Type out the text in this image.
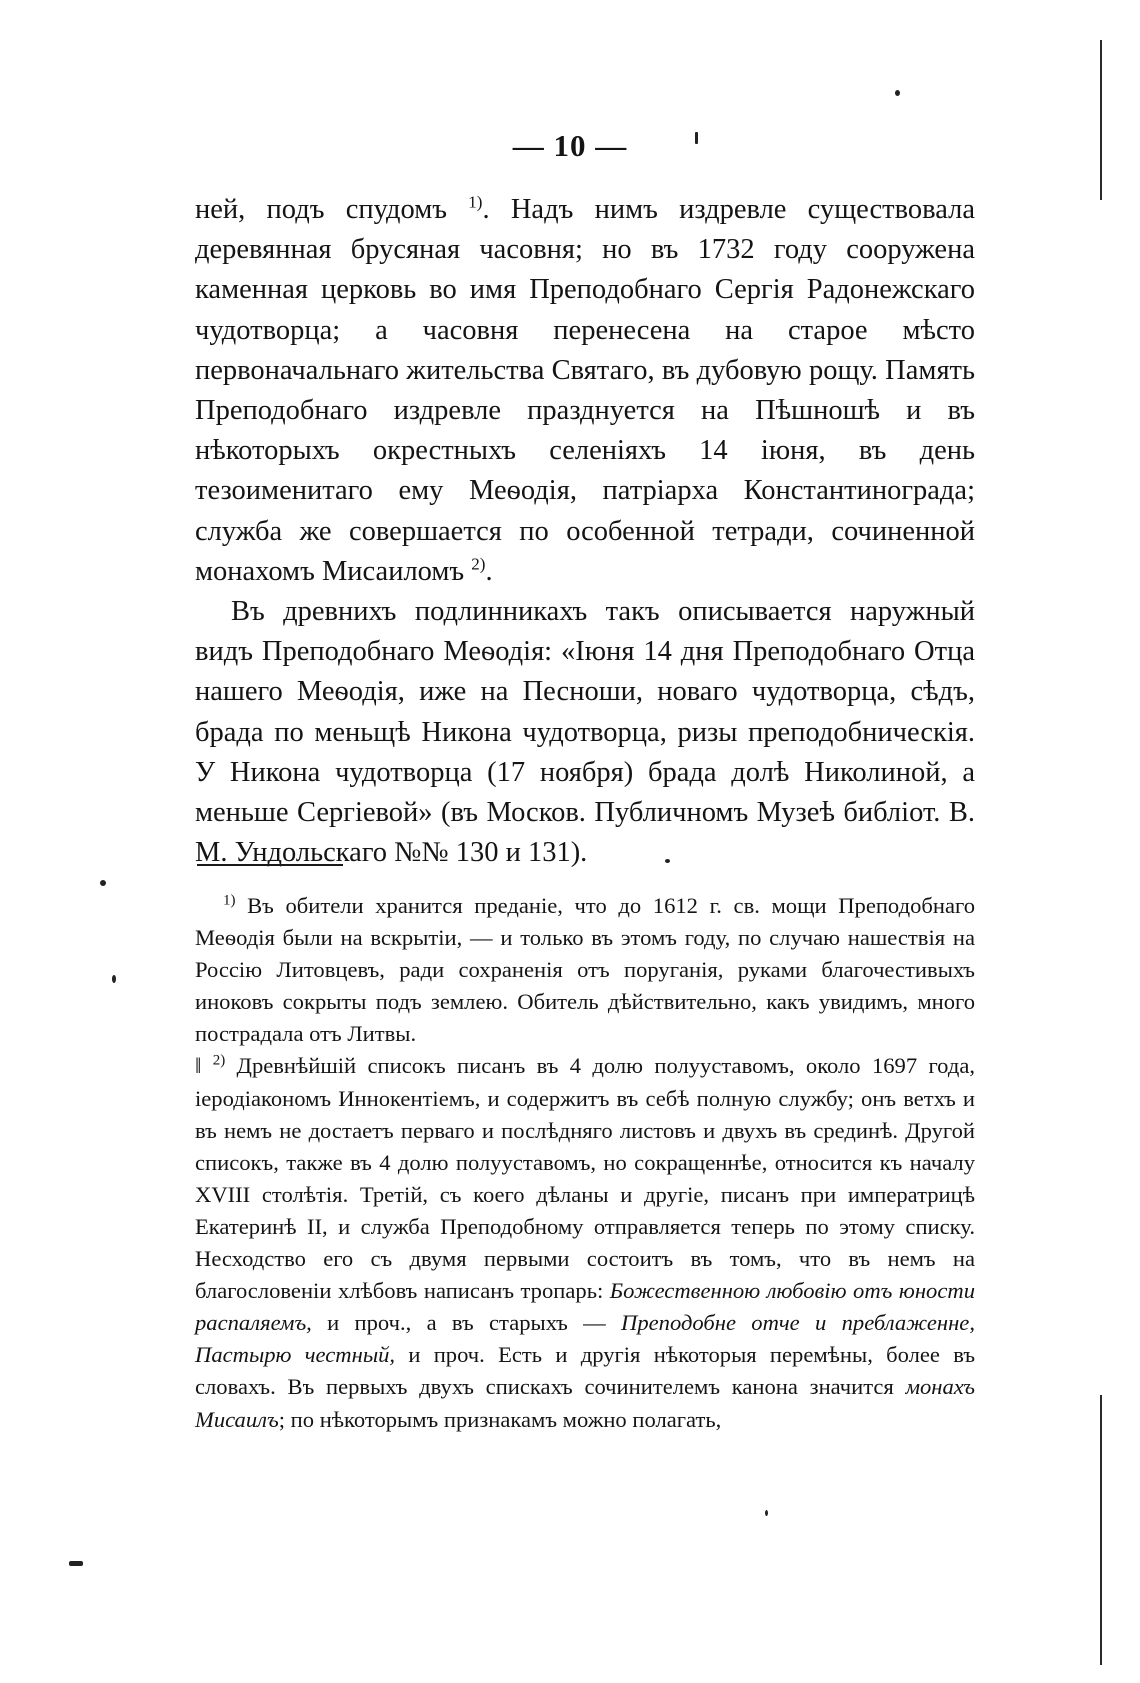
— 10 —

ней, подъ спудомъ $^{1)}$. Надъ нимъ издревле существовала деревянная брусяная часовня; но въ 1732 году сооружена каменная церковь во имя Преподобнаго Сергія Радонежскаго чудотворца; а часовня перенесена на старое мѣсто первоначальнаго жительства Святаго, въ дубовую рощу. Память Преподобнаго издревле празднуется на Пѣшношѣ и въ нѣкоторыхъ окрестныхъ селеніяхъ 14 іюня, въ день тезоименитаго ему Меѳодія, патріарха Константинограда; служба же совершается по особенной тетради, сочиненной монахомъ Мисаиломъ $^{2)}$.

Въ древнихъ подлинникахъ такъ описывается наружный видъ Преподобнаго Меѳодія: «Іюня 14 дня Преподобнаго Отца нашего Меѳодія, иже на Песноши, новаго чудотворца, сѣдъ, брада по меньщѣ Никона чудотворца, ризы преподобническія. У Никона чудотворца (17 ноября) брада долѣ Николиной, а меньше Сергіевой» (въ Москов. Публичномъ Музеѣ библіот. В. М. Ундольскаго №№ 130 и 131).

$^{1)}$ Въ обители хранится преданіе, что до 1612 г. св. мощи Преподобнаго Меѳодія были на вскрытіи, — и только въ этомъ году, по случаю нашествія на Россію Литовцевъ, ради сохраненія отъ поруганія, руками благочестивыхъ иноковъ сокрыты подъ землею. Обитель дѣйствительно, какъ увидимъ, много пострадала отъ Литвы.

‖ $^{2)}$ Древнѣйшій списокъ писанъ въ 4 долю полууставомъ, около 1697 года, іеродіакономъ Иннокентіемъ, и содержитъ въ себѣ полную службу; онъ ветхъ и въ немъ не достаетъ перваго и послѣдняго листовъ и двухъ въ срединѣ. Другой списокъ, также въ 4 долю полууставомъ, но сокращеннѣе, относится къ началу XVIII столѣтія. Третій, съ коего дѣланы и другіе, писанъ при императрицѣ Екатеринѣ II, и служба Преподобному отправляется теперь по этому списку. Несходство его съ двумя первыми состоитъ въ томъ, что въ немъ на благословеніи хлѣбовъ написанъ тропарь: Божественною любовію отъ юности распаляемъ, и проч., а въ старыхъ — Преподобне отче и преблаженне, Пастырю честный, и проч. Есть и другія нѣкоторыя перемѣны, более въ словахъ. Въ первыхъ двухъ спискахъ сочинителемъ канона значится монахъ Мисаилъ; по нѣкоторымъ признакамъ можно полагать,
